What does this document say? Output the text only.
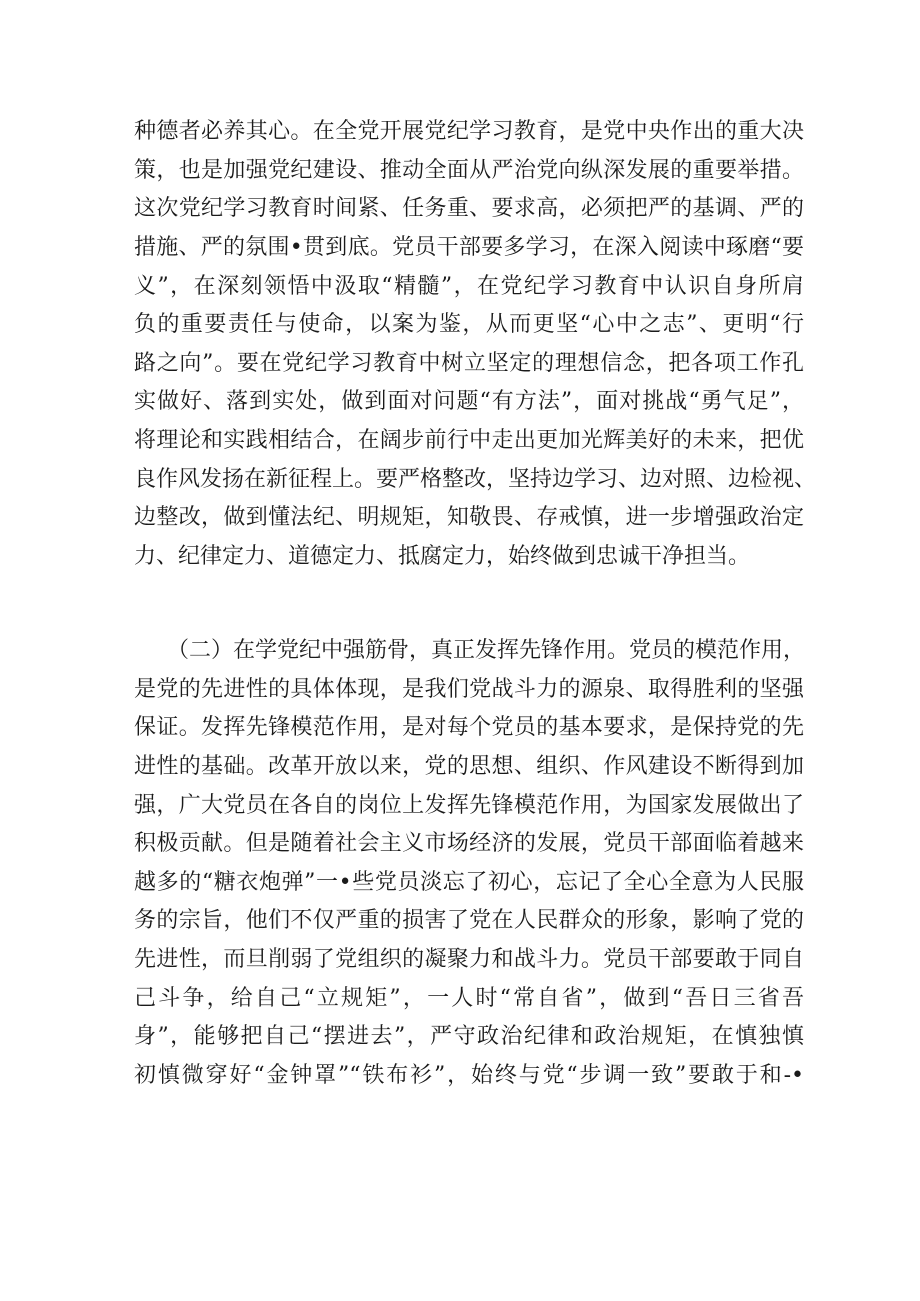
种德者必养其心。在全党开展党纪学习教育，是党中央作出的重大决
策，也是加强党纪建设、推动全面从严治党向纵深发展的重要举措。
这次党纪学习教育时间紧、任务重、要求高，必须把严的基调、严的
措施、严的氛围•贯到底。党员干部要多学习，在深入阅读中琢磨“要
义”，在深刻领悟中汲取“精髓”，在党纪学习教育中认识自身所肩
负的重要责任与使命，以案为鉴，从而更坚“心中之志”、更明“行
路之向”。要在党纪学习教育中树立坚定的理想信念，把各项工作孔
实做好、落到实处，做到面对问题“有方法”，面对挑战“勇气足”，
将理论和实践相结合，在阔步前行中走出更加光辉美好的未来，把优
良作风发扬在新征程上。要严格整改，坚持边学习、边对照、边检视、
边整改，做到懂法纪、明规矩，知敬畏、存戒慎，进一步增强政治定
力、纪律定力、道德定力、抵腐定力，始终做到忠诚干净担当。
　　（二）在学党纪中强筋骨，真正发挥先锋作用。党员的模范作用，
是党的先进性的具体体现，是我们党战斗力的源泉、取得胜利的坚强
保证。发挥先锋模范作用，是对每个党员的基本要求，是保持党的先
进性的基础。改革开放以来，党的思想、组织、作风建设不断得到加
强，广大党员在各自的岗位上发挥先锋模范作用，为国家发展做出了
积极贡献。但是随着社会主义市场经济的发展，党员干部面临着越来
越多的“糖衣炮弹”一•些党员淡忘了初心，忘记了全心全意为人民服
务的宗旨，他们不仅严重的损害了党在人民群众的形象，影响了党的
先进性，而旦削弱了党组织的凝聚力和战斗力。党员干部要敢于同自
己斗争，给自己“立规矩”，一人时“常自省”，做到“吾日三省吾
身”，能够把自己“摆进去”，严守政治纪律和政治规矩，在慎独慎
初慎微穿好“金钟罩”“铁布衫”，始终与党“步调一致”要敢于和-•
